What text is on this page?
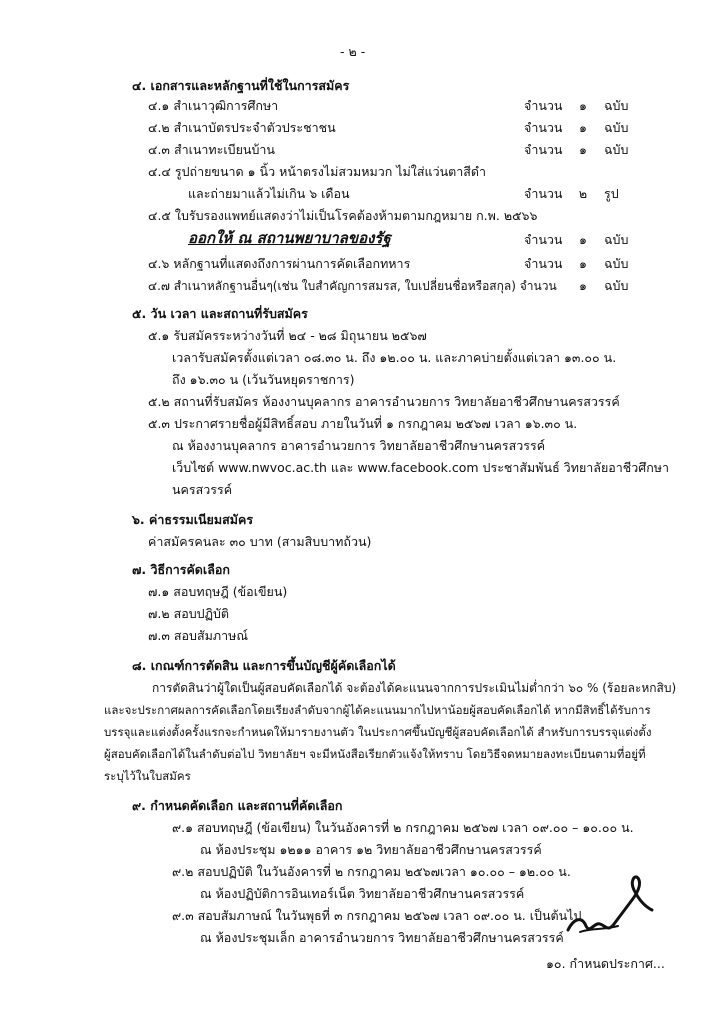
- ๒ -
๔. เอกสารและหลักฐานที่ใช้ในการสมัคร
๔.๑ สำเนาวุฒิการศึกษา	จำนวน	๑	ฉบับ
๔.๒ สำเนาบัตรประจำตัวประชาชน	จำนวน	๑	ฉบับ
๔.๓ สำเนาทะเบียนบ้าน	จำนวน	๑	ฉบับ
๔.๔ รูปถ่ายขนาด ๑ นิ้ว หน้าตรงไม่สวมหมวก ไม่ใส่แว่นตาสีดำ
และถ่ายมาแล้วไม่เกิน ๖ เดือน	จำนวน	๒	รูป
๔.๕ ใบรับรองแพทย์แสดงว่าไม่เป็นโรคต้องห้ามตามกฎหมาย ก.พ. ๒๕๖๖
ออกให้ ณ สถานพยาบาลของรัฐ	จำนวน	๑	ฉบับ
๔.๖ หลักฐานที่แสดงถึงการผ่านการคัดเลือกทหาร	จำนวน	๑	ฉบับ
๔.๗ สำเนาหลักฐานอื่นๆ(เช่น ใบสำคัญการสมรส, ใบเปลี่ยนชื่อหรือสกุล) จำนวน	๑	ฉบับ
๕. วัน เวลา และสถานที่รับสมัคร
๕.๑ รับสมัครระหว่างวันที่ ๒๔ - ๒๘ มิถุนายน ๒๕๖๗
เวลารับสมัครตั้งแต่เวลา ๐๘.๓๐ น. ถึง ๑๒.๐๐ น. และภาคบ่ายตั้งแต่เวลา ๑๓.๐๐ น.
ถึง ๑๖.๓๐ น (เว้นวันหยุดราชการ)
๕.๒ สถานที่รับสมัคร ห้องงานบุคลากร อาคารอำนวยการ วิทยาลัยอาชีวศึกษานครสวรรค์
๕.๓ ประกาศรายชื่อผู้มีสิทธิ์สอบ ภายในวันที่ ๑ กรกฎาคม ๒๕๖๗ เวลา ๑๖.๓๐ น.
ณ ห้องงานบุคลากร อาคารอำนวยการ วิทยาลัยอาชีวศึกษานครสวรรค์
เว็บไซต์ www.nwvoc.ac.th และ www.facebook.com ประชาสัมพันธ์ วิทยาลัยอาชีวศึกษา
นครสวรรค์
๖. ค่าธรรมเนียมสมัคร
ค่าสมัครคนละ ๓๐ บาท (สามสิบบาทถ้วน)
๗. วิธีการคัดเลือก
๗.๑ สอบทฤษฎี (ข้อเขียน)
๗.๒ สอบปฏิบัติ
๗.๓ สอบสัมภาษณ์
๘. เกณฑ์การตัดสิน และการขึ้นบัญชีผู้คัดเลือกได้
การตัดสินว่าผู้ใดเป็นผู้สอบคัดเลือกได้ จะต้องได้คะแนนจากการประเมินไม่ต่ำกว่า ๖๐ % (ร้อยละหกสิบ)
และจะประกาศผลการคัดเลือกโดยเรียงลำดับจากผู้ได้คะแนนมากไปหาน้อยผู้สอบคัดเลือกได้ หากมีสิทธิ์ได้รับการ
บรรจุและแต่งตั้งครั้งแรกจะกำหนดให้มารายงานตัว ในประกาศขึ้นบัญชีผู้สอบคัดเลือกได้ สำหรับการบรรจุแต่งตั้ง
ผู้สอบคัดเลือกได้ในลำดับต่อไป วิทยาลัยฯ จะมีหนังสือเรียกตัวแจ้งให้ทราบ โดยวิธีจดหมายลงทะเบียนตามที่อยู่ที่
ระบุไว้ในใบสมัคร
๙. กำหนดคัดเลือก และสถานที่คัดเลือก
๙.๑ สอบทฤษฎี (ข้อเขียน) ในวันอังคารที่ ๒ กรกฎาคม ๒๕๖๗ เวลา ๐๙.๐๐ – ๑๐.๐๐ น.
ณ ห้องประชุม ๑๒๑๑ อาคาร ๑๒ วิทยาลัยอาชีวศึกษานครสวรรค์
๙.๒ สอบปฏิบัติ ในวันอังคารที่ ๒ กรกฎาคม ๒๕๖๗เวลา ๑๐.๐๐ – ๑๒.๐๐ น.
ณ ห้องปฏิบัติการอินเทอร์เน็ต วิทยาลัยอาชีวศึกษานครสวรรค์
๙.๓ สอบสัมภาษณ์ ในวันพุธที่ ๓ กรกฎาคม ๒๕๖๗ เวลา ๐๙.๐๐ น. เป็นต้นไป
ณ ห้องประชุมเล็ก อาคารอำนวยการ วิทยาลัยอาชีวศึกษานครสวรรค์
๑๐. กำหนดประกาศ...
